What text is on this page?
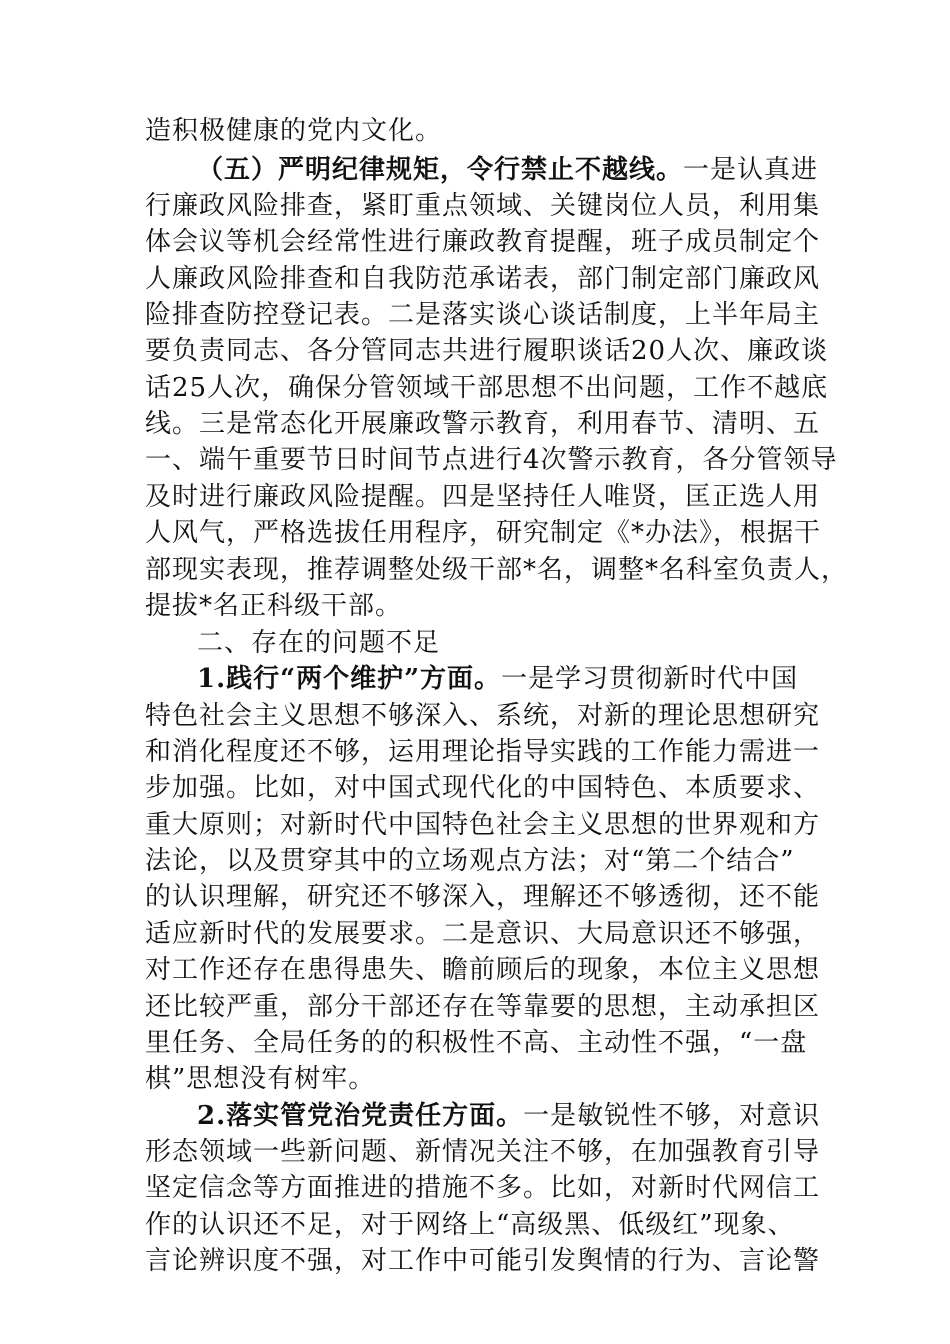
造积极健康的党内文化。
（五）严明纪律规矩，令行禁止不越线。一是认真进
行廉政风险排查，紧盯重点领域、关键岗位人员，利用集
体会议等机会经常性进行廉政教育提醒，班子成员制定个
人廉政风险排查和自我防范承诺表，部门制定部门廉政风
险排查防控登记表。二是落实谈心谈话制度，上半年局主
要负责同志、各分管同志共进行履职谈话20人次、廉政谈
话25人次，确保分管领域干部思想不出问题，工作不越底
线。三是常态化开展廉政警示教育，利用春节、清明、五
一、端午重要节日时间节点进行4次警示教育，各分管领导
及时进行廉政风险提醒。四是坚持任人唯贤，匡正选人用
人风气，严格选拔任用程序，研究制定《*办法》，根据干
部现实表现，推荐调整处级干部*名，调整*名科室负责人，
提拔*名正科级干部。
二、存在的问题不足
1.践行“两个维护”方面。一是学习贯彻新时代中国
特色社会主义思想不够深入、系统，对新的理论思想研究
和消化程度还不够，运用理论指导实践的工作能力需进一
步加强。比如，对中国式现代化的中国特色、本质要求、
重大原则；对新时代中国特色社会主义思想的世界观和方
法论，以及贯穿其中的立场观点方法；对“第二个结合”
的认识理解，研究还不够深入，理解还不够透彻，还不能
适应新时代的发展要求。二是意识、大局意识还不够强，
对工作还存在患得患失、瞻前顾后的现象，本位主义思想
还比较严重，部分干部还存在等靠要的思想，主动承担区
里任务、全局任务的的积极性不高、主动性不强，“一盘
棋”思想没有树牢。
2.落实管党治党责任方面。一是敏锐性不够，对意识
形态领域一些新问题、新情况关注不够，在加强教育引导
坚定信念等方面推进的措施不多。比如，对新时代网信工
作的认识还不足，对于网络上“高级黑、低级红”现象、
言论辨识度不强，对工作中可能引发舆情的行为、言论警
